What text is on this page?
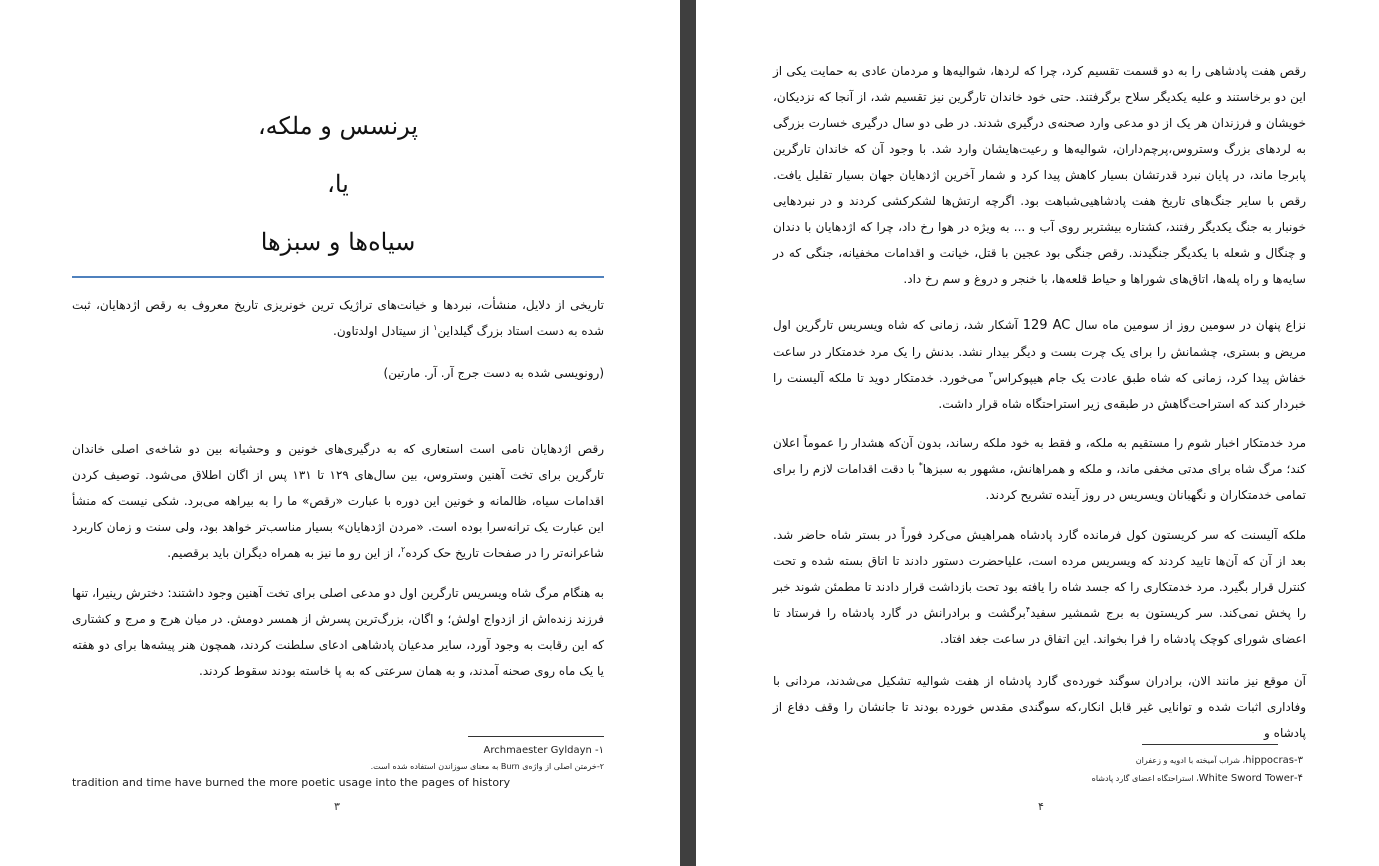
پرنسس و ملکه،
یا،
سیاه‌ها و سبزها

تاریخی از دلایل، منشأت، نبردها و خیانت‌های تراژیک ترین خونریزی تاریخ معروف به رقص اژدهایان، ثبت شده به دست استاد بزرگ گیلداین$^۱$ از سیتادل اولدتاون.

(رونویسی شده به دست جرج آر. آر. مارتین)

رقص اژدهایان نامی است استعاری که به درگیری‌های خونین و وحشیانه بین دو شاخه‌ی اصلی خاندان تارگرین برای تخت آهنین وستروس، بین سال‌های ۱۲۹ تا ۱۳۱ پس از اگان اطلاق می‌شود. توصیف کردن اقدامات سیاه، ظالمانه و خونین این دوره با عبارت «رقص» ما را به بیراهه می‌برد. شکی نیست که منشأ این عبارت یک ترانه‌سرا بوده است. «مردن اژدهایان» بسیار مناسب‌تر خواهد بود، ولی سنت و زمان کاربرد شاعرانه‌تر را در صفحات تاریخ حک کرده$^۲$، از این رو ما نیز به همراه دیگران باید برقصیم.

به هنگام مرگ شاه ویسریس تارگرین اول دو مدعی اصلی برای تخت آهنین وجود داشتند: دخترش رینیرا، تنها فرزند زنده‌اش از ازدواج اولش؛ و اگان، بزرگ‌ترین پسرش از همسر دومش. در میان هرج و مرج و کشتاری که این رقابت به وجود آورد، سایر مدعیان پادشاهی ادعای سلطنت کردند، همچون هنر پیشه‌ها برای دو هفته یا یک ماه روی صحنه آمدند، و به همان سرعتی که به پا خاسته بودند سقوط کردند.

Archmaester Gyldayn -۱
۲-خرمتن اصلی از واژه‌ی Burn به معنای سوزاندن استفاده شده است.
tradition and time have burned the more poetic usage into the pages of history
۳

رقص هفت پادشاهی را به دو قسمت تقسیم کرد، چرا که لردها، شوالیه‌ها و مردمان عادی به حمایت یکی از این دو برخاستند و علیه یکدیگر سلاح برگرفتند. حتی خود خاندان تارگرین نیز تقسیم شد، از آنجا که نزدیکان، خویشان و فرزندان هر یک از دو مدعی وارد صحنه‌ی درگیری شدند. در طی دو سال درگیری خسارت بزرگی به لردهای بزرگ وستروس،پرچم‌داران، شوالیه‌ها و رعیت‌هایشان وارد شد. با وجود آن که خاندان تارگرین پابرجا ماند، در پایان نبرد قدرتشان بسیار کاهش پیدا کرد و شمار آخرین اژدهایان جهان بسیار تقلیل یافت. رقص با سایر جنگ‌های تاریخ هفت پادشاهیی‌شباهت بود. اگرچه ارتش‌ها لشکرکشی کردند و در نبردهایی خونبار به جنگ یکدیگر رفتند، کشتاره بیشتربر روی آب و ... به ویژه در هوا رخ داد، چرا که اژدهایان با دندان و چنگال و شعله با یکدیگر جنگیدند. رقص جنگی بود عجین با قتل، خیانت و اقدامات مخفیانه، جنگی که در سایه‌ها و راه پله‌ها، اتاق‌های شوراها و حیاط قلعه‌ها، با خنجر و دروغ و سم رخ داد.

نزاع پنهان در سومین روز از سومین ماه سال 129 AC آشکار شد، زمانی که شاه ویسریس تارگرین اول مریض و بستری، چشمانش را برای یک چرت بست و دیگر بیدار نشد. بدنش را یک مرد خدمتکار در ساعت خفاش پیدا کرد، زمانی که شاه طبق عادت یک جام هیپوکراس$^۳$ می‌خورد. خدمتکار دوید تا ملکه آلیسنت را خبردار کند که استراحت‌گاهش در طبقه‌ی زیر استراحتگاه شاه قرار داشت.

مرد خدمتکار اخبار شوم را مستقیم به ملکه، و فقط به خود ملکه رساند، بدون آن‌که هشدار را عموماً اعلان کند؛ مرگ شاه برای مدتی مخفی ماند، و ملکه و همراهانش، مشهور به سبزها* با دقت اقدامات لازم را برای تمامی خدمتکاران و نگهبانان ویسریس در روز آینده تشریح کردند.

ملکه آلیسنت که سر کریستون کول فرمانده گارد پادشاه همراهیش می‌کرد فوراً در بستر شاه حاضر شد. بعد از آن که آن‌ها تایید کردند که ویسریس مرده است، علیاحضرت دستور دادند تا اتاق بسته شده و تحت کنترل قرار بگیرد. مرد خدمتکاری را که جسد شاه را یافته بود تحت بازداشت قرار دادند تا مطمئن شوند خبر را پخش نمی‌کند. سر کریستون به برج شمشیر سفید$^۴$برگشت و برادرانش در گارد پادشاه را فرستاد تا اعضای شورای کوچک پادشاه را فرا بخواند. این اتفاق در ساعت جغد افتاد.

آن موقع نیز مانند الان، برادران سوگند خورده‌ی گارد پادشاه از هفت شوالیه تشکیل می‌شدند، مردانی با وفاداری اثبات شده و توانایی غیر قابل انکار،که سوگندی مقدس خورده بودند تا جانشان را وقف دفاع از پادشاه و

۳-hippocras، شراب آمیخته با ادویه و زعفران
۴-White Sword Tower، استراحتگاه اعضای گارد پادشاه
۴
